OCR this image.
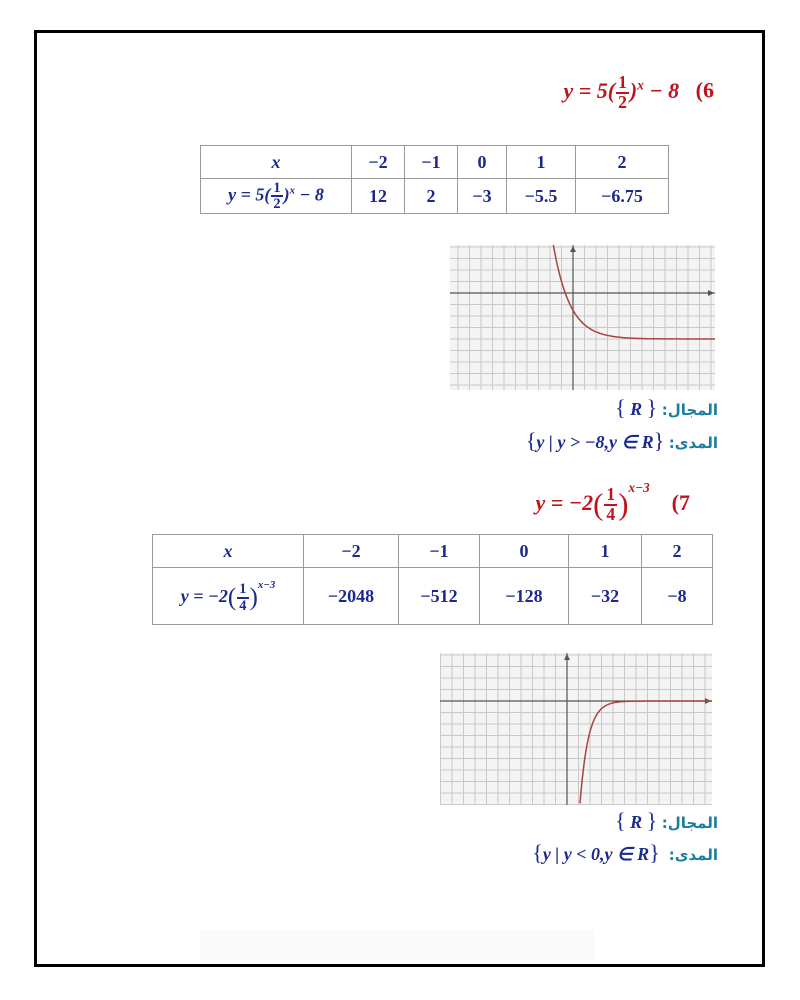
$y = 5( \frac{1}{2} )^x - 8$ (6
x	−2	−1	0	1	2
$y = 5( \frac{1}{2} )^x - 8$	12	2	−3	−5.5	−6.75
{ R } المجال:
{y | y > −8,y ∈ R} المدى:
$y = -2( \frac{1}{4} )^{x-3}$    (7
x	−2	−1	0	1	2
$y = -2( \frac{1}{4} )^{x-3}$	−2048	−512	−128	−32	−8
{ R } المجال:
{y | y < 0,y ∈ R} المدى:
